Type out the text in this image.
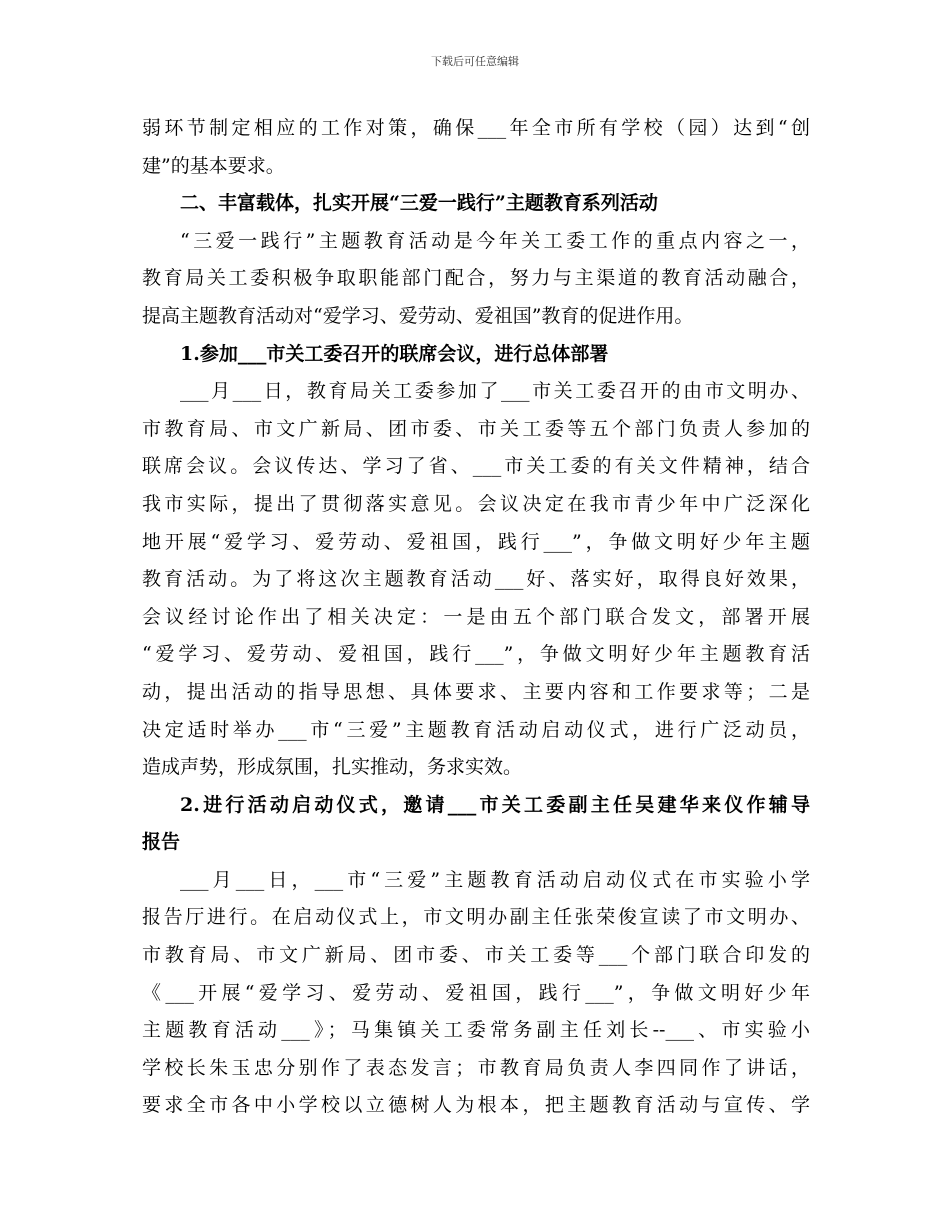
下载后可任意编辑
弱环节制定相应的工作对策，确保___年全市所有学校（园）达到“创
建”的基本要求。
二、丰富载体，扎实开展“三爱一践行”主题教育系列活动
“三爱一践行”主题教育活动是今年关工委工作的重点内容之一，
教育局关工委积极争取职能部门配合，努力与主渠道的教育活动融合，
提高主题教育活动对“爱学习、爱劳动、爱祖国”教育的促进作用。
1.参加___市关工委召开的联席会议，进行总体部署
___月___日，教育局关工委参加了___市关工委召开的由市文明办、
市教育局、市文广新局、团市委、市关工委等五个部门负责人参加的
联席会议。会议传达、学习了省、___市关工委的有关文件精神，结合
我市实际，提出了贯彻落实意见。会议决定在我市青少年中广泛深化
地开展“爱学习、爱劳动、爱祖国，践行___”，争做文明好少年主题
教育活动。为了将这次主题教育活动___好、落实好，取得良好效果，
会议经讨论作出了相关决定：一是由五个部门联合发文，部署开展
“爱学习、爱劳动、爱祖国，践行___”，争做文明好少年主题教育活
动，提出活动的指导思想、具体要求、主要内容和工作要求等；二是
决定适时举办___市“三爱”主题教育活动启动仪式，进行广泛动员，
造成声势，形成氛围，扎实推动，务求实效。
2.进行活动启动仪式，邀请___市关工委副主任吴建华来仪作辅导
报告
___月___日，___市“三爱”主题教育活动启动仪式在市实验小学
报告厅进行。在启动仪式上，市文明办副主任张荣俊宣读了市文明办、
市教育局、市文广新局、团市委、市关工委等___个部门联合印发的
《___开展“爱学习、爱劳动、爱祖国，践行___”，争做文明好少年
主题教育活动___》；马集镇关工委常务副主任刘长--___、市实验小
学校长朱玉忠分别作了表态发言；市教育局负责人李四同作了讲话，
要求全市各中小学校以立德树人为根本，把主题教育活动与宣传、学
